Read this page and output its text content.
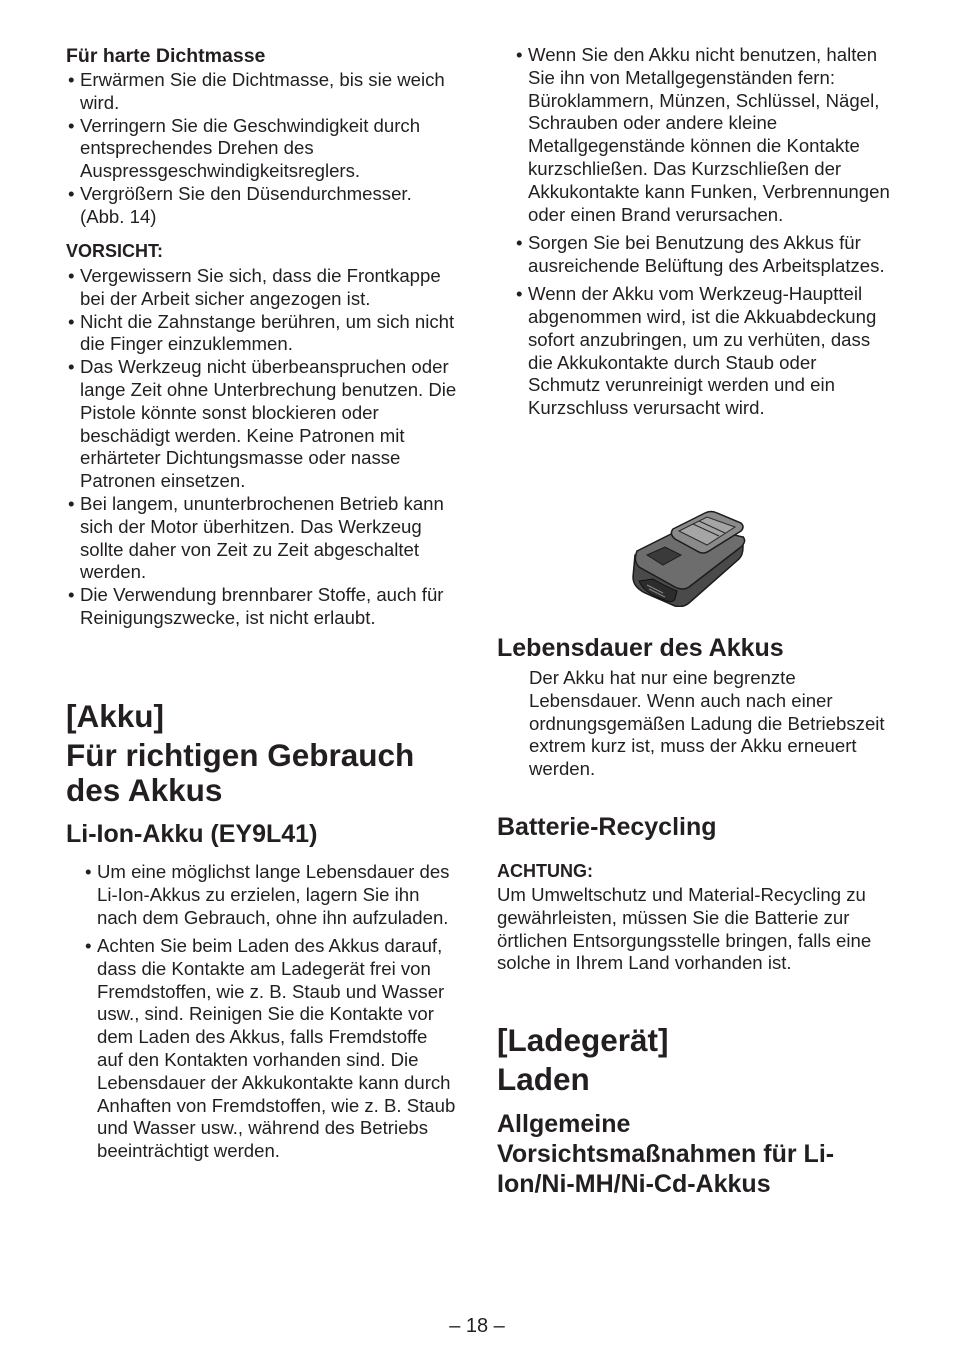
Für harte Dichtmasse
• Erwärmen Sie die Dichtmasse, bis sie weich wird.
• Verringern Sie die Geschwindigkeit durch entsprechendes Drehen des Auspressgeschwindigkeitsreglers.
• Vergrößern Sie den Düsendurchmesser. (Abb. 14)
VORSICHT:
• Vergewissern Sie sich, dass die Frontkappe bei der Arbeit sicher angezogen ist.
• Nicht die Zahnstange berühren, um sich nicht die Finger einzuklemmen.
• Das Werkzeug nicht überbeanspruchen oder lange Zeit ohne Unterbrechung benutzen. Die Pistole könnte sonst blockieren oder beschädigt werden. Keine Patronen mit erhärteter Dichtungsmasse oder nasse Patronen einsetzen.
• Bei langem, ununterbrochenen Betrieb kann sich der Motor überhitzen. Das Werkzeug sollte daher von Zeit zu Zeit abgeschaltet werden.
• Die Verwendung brennbarer Stoffe, auch für Reinigungszwecke, ist nicht erlaubt.
[Akku]
Für richtigen Gebrauch des Akkus
Li-Ion-Akku (EY9L41)
• Um eine möglichst lange Lebensdauer des Li-Ion-Akkus zu erzielen, lagern Sie ihn nach dem Gebrauch, ohne ihn aufzuladen.
• Achten Sie beim Laden des Akkus darauf, dass die Kontakte am Ladegerät frei von Fremdstoffen, wie z. B. Staub und Wasser usw., sind. Reinigen Sie die Kontakte vor dem Laden des Akkus, falls Fremdstoffe auf den Kontakten vorhanden sind. Die Lebensdauer der Akkukontakte kann durch Anhaften von Fremdstoffen, wie z. B. Staub und Wasser usw., während des Betriebs beeinträchtigt werden.
• Wenn Sie den Akku nicht benutzen, halten Sie ihn von Metallgegenständen fern: Büroklammern, Münzen, Schlüssel, Nägel, Schrauben oder andere kleine Metallgegenstände können die Kontakte kurzschließen. Das Kurzschließen der Akkukontakte kann Funken, Verbrennungen oder einen Brand verursachen.
• Sorgen Sie bei Benutzung des Akkus für ausreichende Belüftung des Arbeitsplatzes.
• Wenn der Akku vom Werkzeug-Hauptteil abgenommen wird, ist die Akkuabdeckung sofort anzubringen, um zu verhüten, dass die Akkukontakte durch Staub oder Schmutz verunreinigt werden und ein Kurzschluss verursacht wird.
Lebensdauer des Akkus
Der Akku hat nur eine begrenzte Lebensdauer. Wenn auch nach einer ordnungsgemäßen Ladung die Betriebszeit extrem kurz ist, muss der Akku erneuert werden.
Batterie-Recycling
ACHTUNG:
Um Umweltschutz und Material-Recycling zu gewährleisten, müssen Sie die Batterie zur örtlichen Entsorgungsstelle bringen, falls eine solche in Ihrem Land vorhanden ist.
[Ladegerät]
Laden
Allgemeine Vorsichtsmaßnahmen für Li-Ion/Ni-MH/Ni-Cd-Akkus
– 18 –
